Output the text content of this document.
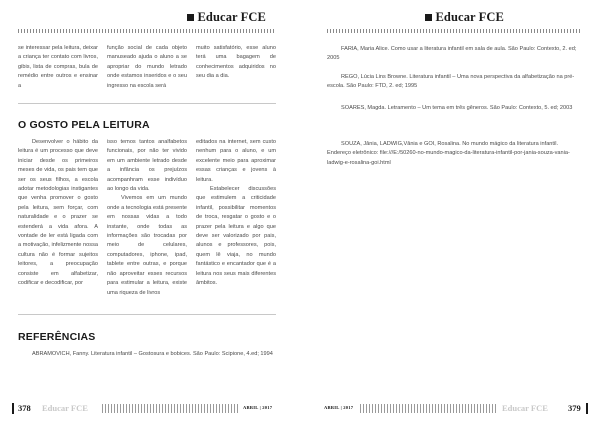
Educar FCE

se interessar pela leitura, deixar a criança ter contato com livros, gibis, lista de compras, bula de remédio entre outros e ensinar a

função social de cada objeto manuseado ajuda o aluno a se apropriar do mundo letrado onde estamos inseridos e o seu ingresso na escola será

muito satisfatório, esse aluno terá uma bagagem de conhecimentos adquiridos no seu dia a dia.

O GOSTO PELA LEITURA

Desenvolver o hábito da leitura é um processo que deve iniciar desde os primeiros meses de vida, os pais tem que ser os seus filhos, a escola adotar metodologias instigantes que venha promover o gosto pela leitura, sem forçar, com naturalidade e o prazer se estenderá a vida afora. A vontade de ler está ligada com a motivação, infelizmente nossa cultura não é formar sujeitos leitores, a preocupação consiste em alfabetizar, codificar e decodificar, por

isso temos tantos analfabetos funcionais, por não ter vivido em um ambiente letrado desde a infância os prejuízos acompanhram esse indivíduo ao longo da vida.

Vivemos em um mundo onde a tecnologia está presente em nossas vidas a todo instante, onde todas as informações são trocadas por meio de celulares, computadores, iphone, ipad, tablete entre outras, e porque não aproveitar esses recursos para estimular a leitura, existe uma riqueza de livros

editados na internet, sem custo nenhum para o aluno, e um excelente meio para aproximar essas crianças e jovens à leitura.

Estabelecer discussões que estimulem a criticidade infantil, possibilitar momentos de troca, resgatar o gosto e o prazer pela leitura e algo que deve ser valorizado por pais, alunos e professores, pois, quem lê viaja, no mundo fantástico e encantador que é a leitura nos seus mais diferentes âmbitos.

REFERÊNCIAS

ABRAMOVICH, Fanny. Literatura infantil – Gostosura e bobices. São Paulo: Scipione, 4.ed; 1994

378 Educar FCE	ABRIL | 2017
Educar FCE

FARIA, Maria Alice. Como usar a literatura infantil em sala de aula. São Paulo: Contexto, 2. ed; 2005

REGO, Lúcia Lins Browne. Literatura infantil – Uma nova perspectiva da alfabetização na pré-escola. São Paulo: FTD, 2. ed; 1995

SOARES, Magda. Letramento – Um tema em três gêneros. São Paulo: Contexto, 5. ed; 2003

SOUZA, Jânia, LADWIG,Vânia e GOI, Rosalina. No mundo mágico da literatura infantil. Endereço eletrônico: file:///E:/50260-no-mundo-magico-da-literatura-infantil-por-jania-souza-vania-ladwig-e-rosalina-goi.html

ABRIL | 2017	Educar FCE 379
